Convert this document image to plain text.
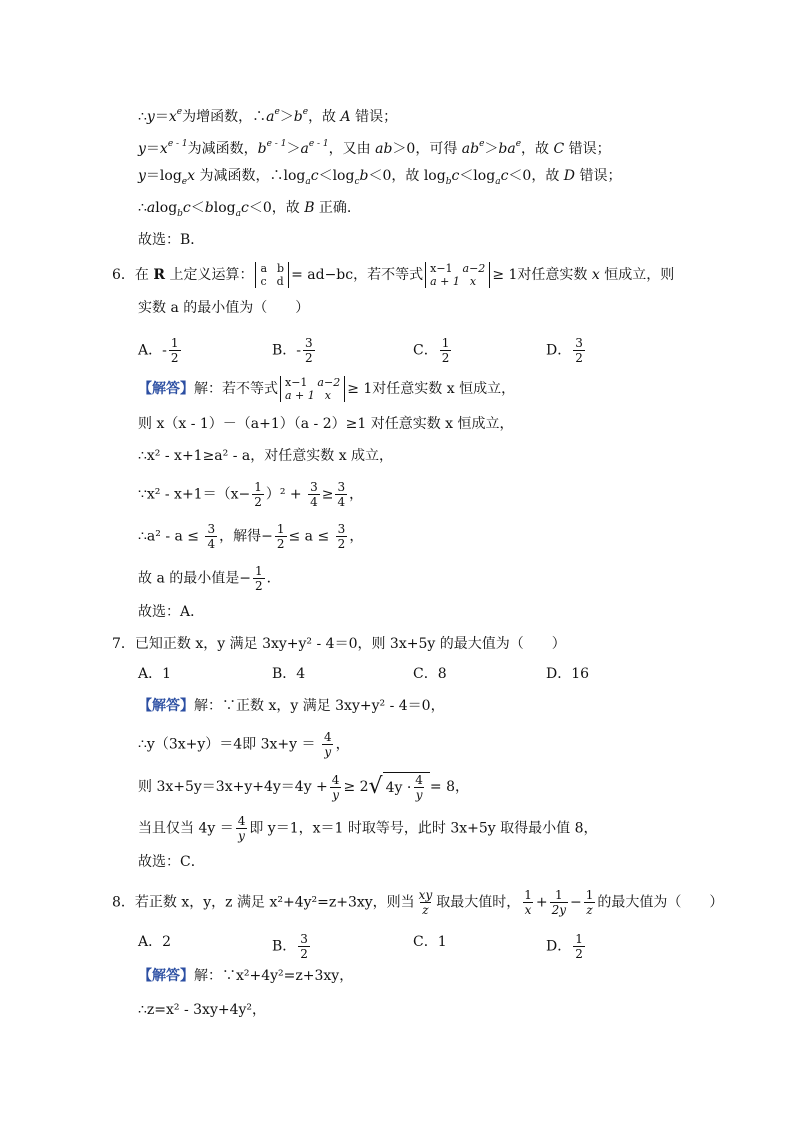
$\therefore y=x^e$为增函数，$\therefore a^e>b^e$，故 A 错误；
$y=x^{e - 1}$为减函数，$b^{e - 1}>a^{e - 1}$，又由 ab＞0，可得 $ab^e>ba^e$，故 C 错误；
$y=\log_ex$ 为减函数，$\therefore\log_ac<\log_cb<0$，故 $\log_bc<\log_ac<0$，故 D 错误；
∴alog$_b$c＜blog$_a$c＜0，故 B 正确.
故选：B．
6．在 R 上定义运算： a b
c d = ad−bc，若不等式 x−1 a−2
a + 1 x ≥ 1对任意实数 x 恒成立，则
实数 a 的最小值为（　　）
A．- $\frac{1}{2}$	B．- $\frac{3}{2}$	C． $\frac{1}{2}$	D． $\frac{3}{2}$
【解答】解：若不等式 x−1 a−2
a + 1 x ≥ 1对任意实数 x 恒成立，
则 x（x - 1）－（a+1）（a - 2）≥1 对任意实数 x 恒成立，
∴x² - x+1≥a² - a，对任意实数 x 成立，
∵x² - $x+1=(x- \frac{1}{2} )^2 + \frac{3}{4} \ge \frac{3}{4}$ ，
∴a² - $a \le \frac{3}{4}$ ，解得− $\frac{1}{2} \le a \le \frac{3}{2}$ ，
故 a 的最小值是− $\frac{1}{2}$ ．
故选：A．
7．已知正数 x，y 满足 3xy+y² - 4＝0，则 3x+5y 的最大值为（　　）
A．1	B．4	C．8	D．16
【解答】解：∵正数 x，y 满足 3xy+y² - 4＝0，
∴y（3x+y）＝4即 $3x+y = \frac{4}{y}$ ，
则 $3x+5y=3x+y+4y=4y + \frac{4}{y} \ge 2$ √ $4y \cdot \frac{4}{y} = 8$，
当且仅当 $4y = \frac{4}{y}$ 即 y＝1，x＝1 时取等号，此时 3x+5y 取得最小值 8，
故选：C．
8．若正数 x，y，z 满足 x²+4y²=z+3xy，则当 $\frac{xy}{z}$ 取最大值时， $\frac{1}{x} + \frac{1}{2y} - \frac{1}{z}$ 的最大值为（　　）
A．2	B． $\frac{3}{2}$	C．1	D． $\frac{1}{2}$
【解答】解：∵x²+4y²=z+3xy，
∴z=x² - 3xy+4y²，
